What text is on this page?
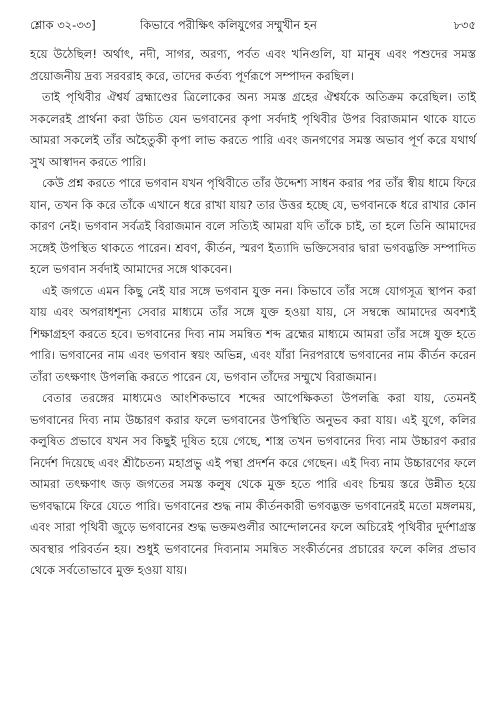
শ্লোক ৩২-৩৩]	কিভাবে পরীক্ষিৎ কলিযুগের সম্মুখীন হন	৮৩৫

হয়ে উঠেছিল! অর্থাৎ, নদী, সাগর, অরণ্য, পর্বত এবং খনিগুলি, যা মানুষ এবং পশুদের সমস্ত প্রয়োজনীয় দ্রব্য সরবরাহ করে, তাদের কর্তব্য পূর্ণরূপে সম্পাদন করছিল।

তাই পৃথিবীর ঐশ্বর্য ব্রহ্মাণ্ডের ত্রিলোকের অন্য সমস্ত গ্রহের ঐশ্বর্যকে অতিক্রম করেছিল। তাই সকলেরই প্রার্থনা করা উচিত যেন ভগবানের কৃপা সর্বদাই পৃথিবীর উপর বিরাজমান থাকে যাতে আমরা সকলেই তাঁর অহৈতুকী কৃপা লাভ করতে পারি এবং জনগণের সমস্ত অভাব পূর্ণ করে যথার্থ সুখ আস্বাদন করতে পারি।

কেউ প্রশ্ন করতে পারে ভগবান যখন পৃথিবীতে তাঁর উদ্দেশ্য সাধন করার পর তাঁর স্বীয় ধামে ফিরে যান, তখন কি করে তাঁকে এখানে ধরে রাখা যায়? তার উত্তর হচ্ছে যে, ভগবানকে ধরে রাখার কোন কারণ নেই। ভগবান সর্বত্রই বিরাজমান বলে সত্যিই আমরা যদি তাঁকে চাই, তা হলে তিনি আমাদের সঙ্গেই উপস্থিত থাকতে পারেন। শ্রবণ, কীর্তন, স্মরণ ইত্যাদি ভক্তিসেবার দ্বারা ভগবদ্ভক্তি সম্পাদিত হলে ভগবান সর্বদাই আমাদের সঙ্গে থাকবেন।

এই জগতে এমন কিছু নেই যার সঙ্গে ভগবান যুক্ত নন। কিভাবে তাঁর সঙ্গে যোগসূত্র স্থাপন করা যায় এবং অপরাধশূন্য সেবার মাধ্যমে তাঁর সঙ্গে যুক্ত হওয়া যায়, সে সম্বন্ধে আমাদের অবশ্যই শিক্ষাগ্রহণ করতে হবে। ভগবানের দিব্য নাম সমন্বিত শব্দ ব্রহ্মের মাধ্যমে আমরা তাঁর সঙ্গে যুক্ত হতে পারি। ভগবানের নাম এবং ভগবান স্বয়ং অভিন্ন, এবং যাঁরা নিরপরাধে ভগবানের নাম কীর্তন করেন তাঁরা তৎক্ষণাৎ উপলব্ধি করতে পারেন যে, ভগবান তাঁদের সম্মুখে বিরাজমান।

বেতার তরঙ্গের মাধ্যমেও আংশিকভাবে শব্দের আপেক্ষিকতা উপলব্ধি করা যায়, তেমনই ভগবানের দিব্য নাম উচ্চারণ করার ফলে ভগবানের উপস্থিতি অনুভব করা যায়। এই যুগে, কলির কলুষিত প্রভাবে যখন সব কিছুই দূষিত হয়ে গেছে, শাস্ত্র তখন ভগবানের দিব্য নাম উচ্চারণ করার নির্দেশ দিয়েছে এবং শ্রীচৈতন্য মহাপ্রভু এই পন্থা প্রদর্শন করে গেছেন। এই দিব্য নাম উচ্চারণের ফলে আমরা তৎক্ষণাৎ জড় জগতের সমস্ত কলুষ থেকে মুক্ত হতে পারি এবং চিন্ময় স্তরে উন্নীত হয়ে ভগবদ্ধামে ফিরে যেতে পারি। ভগবানের শুদ্ধ নাম কীর্তনকারী ভগবদ্ভক্ত ভগবানেরই মতো মঙ্গলময়, এবং সারা পৃথিবী জুড়ে ভগবানের শুদ্ধ ভক্তমণ্ডলীর আন্দোলনের ফলে অচিরেই পৃথিবীর দুর্দশাগ্রস্ত অবস্থার পরিবর্তন হয়। শুধুই ভগবানের দিব্যনাম সমন্বিত সংকীর্তনের প্রচারের ফলে কলির প্রভাব থেকে সর্বতোভাবে মুক্ত হওয়া যায়।
